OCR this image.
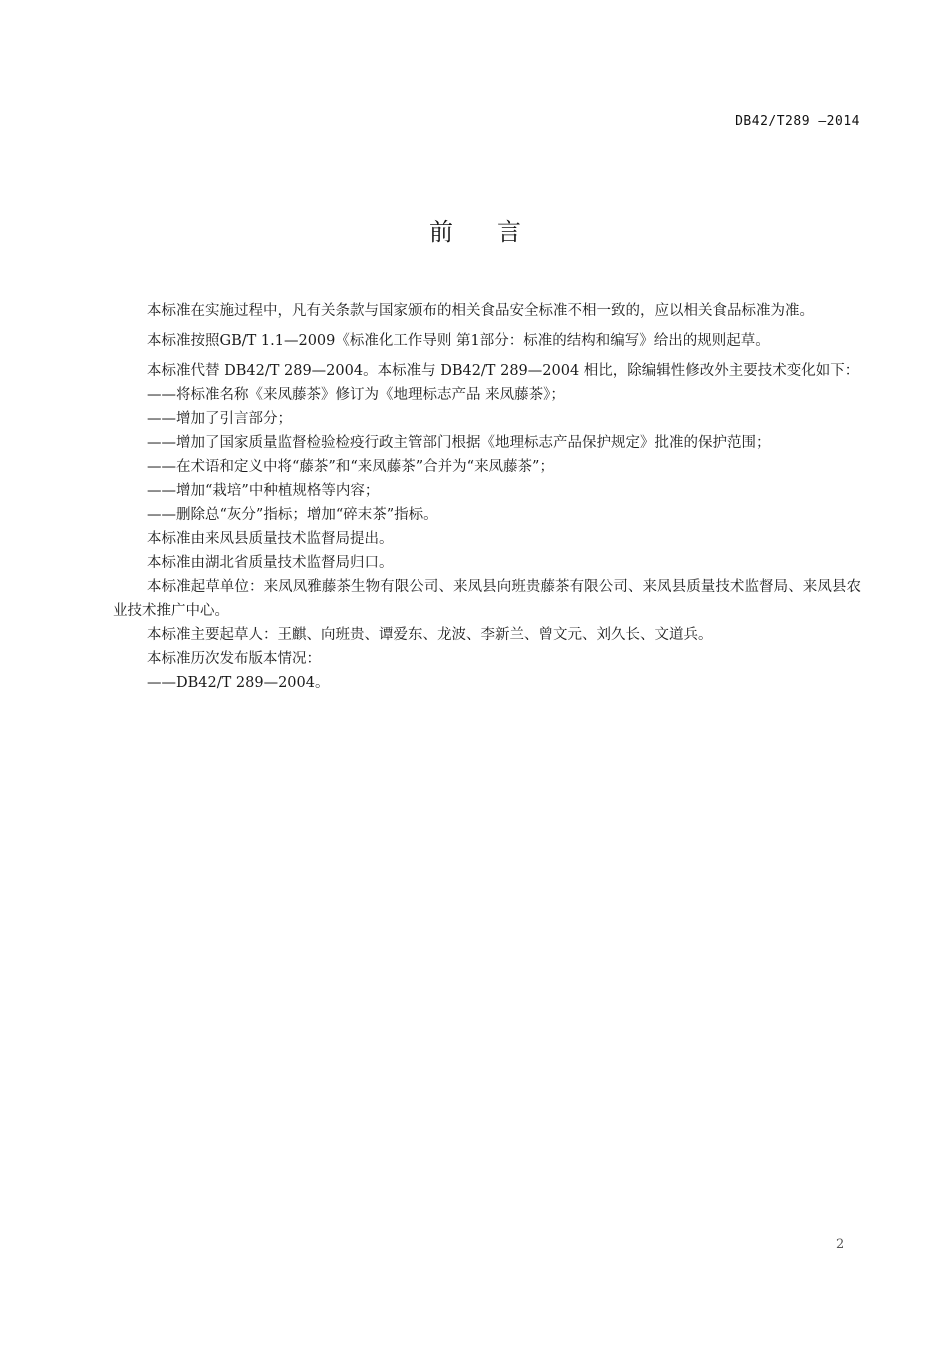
DB42/T289 —2014
前言

本标准在实施过程中，凡有关条款与国家颁布的相关食品安全标准不相一致的，应以相关食品标准为准。

本标准按照GB/T 1.1—2009《标准化工作导则 第1部分：标准的结构和编写》给出的规则起草。

本标准代替 DB42/T 289—2004。本标准与 DB42/T 289—2004 相比，除编辑性修改外主要技术变化如下：

——将标准名称《来凤藤茶》修订为《地理标志产品 来凤藤茶》；

——增加了引言部分；

——增加了国家质量监督检验检疫行政主管部门根据《地理标志产品保护规定》批准的保护范围；

——在术语和定义中将“藤茶”和“来凤藤茶”合并为“来凤藤茶”；

——增加“栽培”中种植规格等内容；

——删除总“灰分”指标；增加“碎末茶”指标。

本标准由来凤县质量技术监督局提出。

本标准由湖北省质量技术监督局归口。

本标准起草单位：来凤凤雅藤茶生物有限公司、来凤县向班贵藤茶有限公司、来凤县质量技术监督局、来凤县农业技术推广中心。

本标准主要起草人：王麒、向班贵、谭爱东、龙波、李新兰、曾文元、刘久长、文道兵。

本标准历次发布版本情况：

——DB42/T 289—2004。

2
